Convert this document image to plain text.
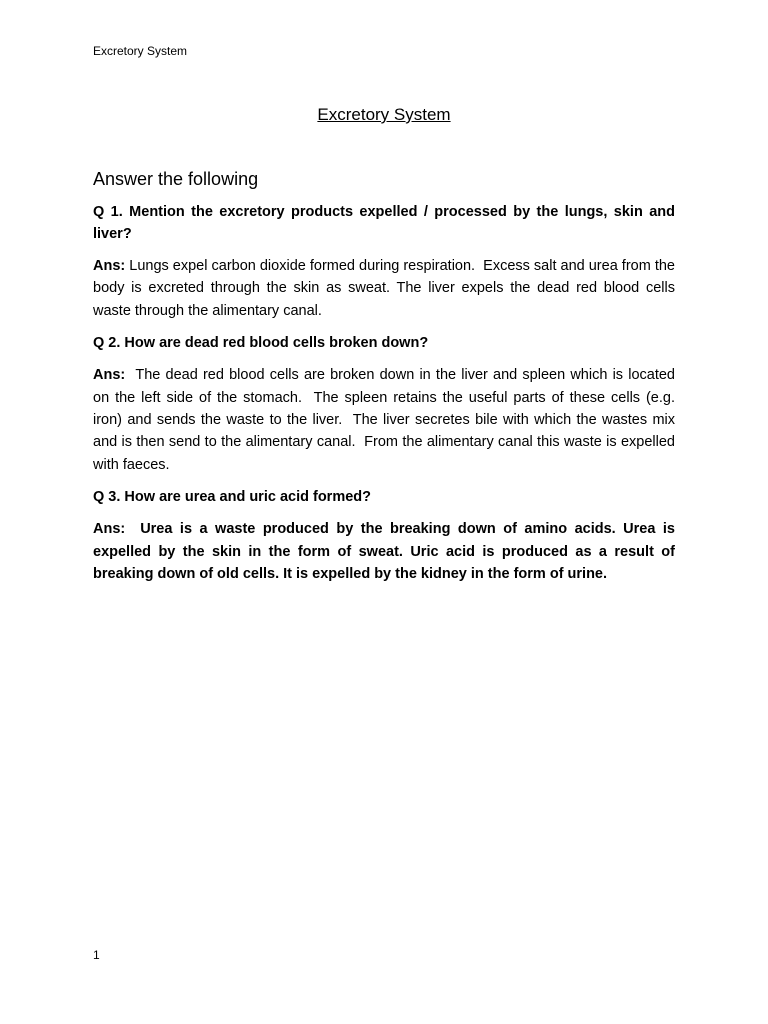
Excretory System
Excretory System
Answer the following
Q 1. Mention the excretory products expelled / processed by the lungs, skin and liver?
Ans: Lungs expel carbon dioxide formed during respiration.  Excess salt and urea from the body is excreted through the skin as sweat. The liver expels the dead red blood cells waste through the alimentary canal.
Q 2. How are dead red blood cells broken down?
Ans:  The dead red blood cells are broken down in the liver and spleen which is located on the left side of the stomach.  The spleen retains the useful parts of these cells (e.g. iron) and sends the waste to the liver.  The liver secretes bile with which the wastes mix and is then send to the alimentary canal.  From the alimentary canal this waste is expelled with faeces.
Q 3. How are urea and uric acid formed?
Ans:  Urea is a waste produced by the breaking down of amino acids. Urea is expelled by the skin in the form of sweat. Uric acid is produced as a result of breaking down of old cells. It is expelled by the kidney in the form of urine.
1
